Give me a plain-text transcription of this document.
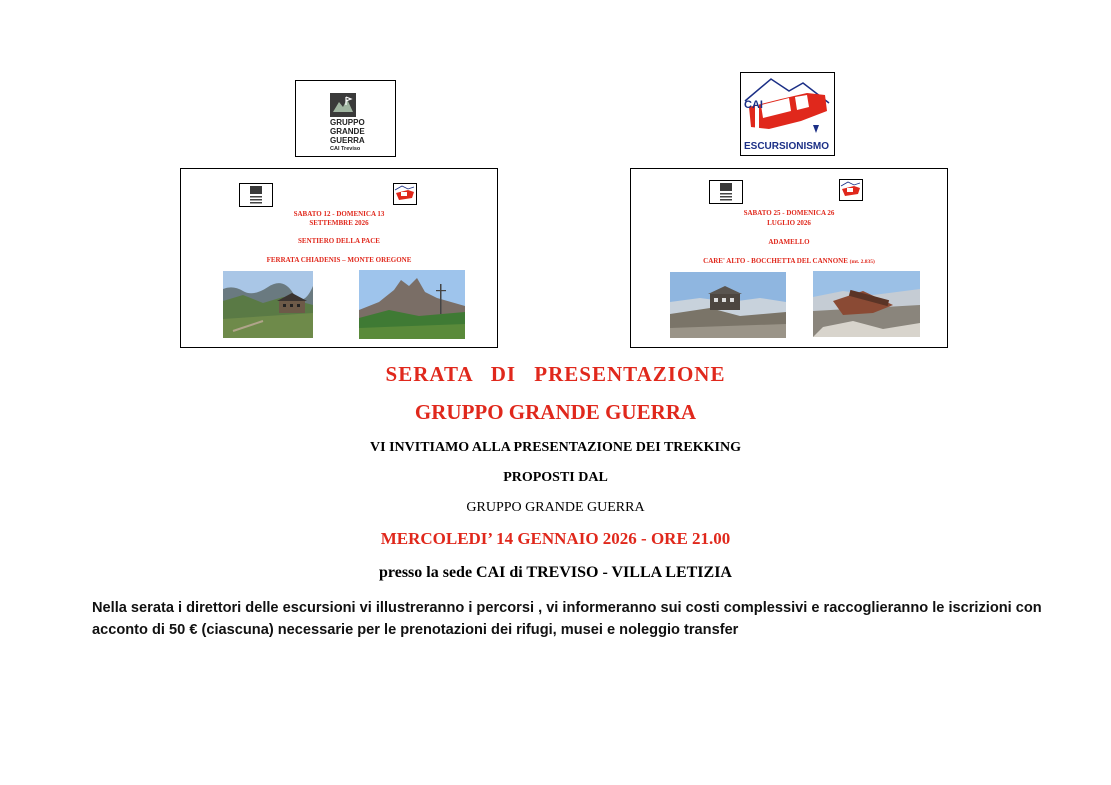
GRUPPO
GRANDE
GUERRA
CAI Treviso
CAI
ESCURSIONISMO
SABATO 12 - DOMENICA 13
SETTEMBRE 2026
SENTIERO DELLA PACE
FERRATA CHIADENIS – MONTE OREGONE
SABATO 25 - DOMENICA 26
LUGLIO 2026
ADAMELLO
CARE' ALTO - BOCCHETTA DEL CANNONE (mt. 2.835)
SERATA DI PRESENTAZIONE
GRUPPO GRANDE GUERRA
VI INVITIAMO ALLA PRESENTAZIONE DEI TREKKING
PROPOSTI DAL
GRUPPO GRANDE GUERRA
MERCOLEDI’ 14 GENNAIO 2026 - ORE 21.00
presso la sede CAI di TREVISO - VILLA LETIZIA
Nella serata i direttori delle escursioni vi illustreranno i percorsi , vi informeranno sui costi complessivi e raccoglieranno le iscrizioni con acconto di 50 € (ciascuna) necessarie per le prenotazioni dei rifugi, musei e noleggio transfer
